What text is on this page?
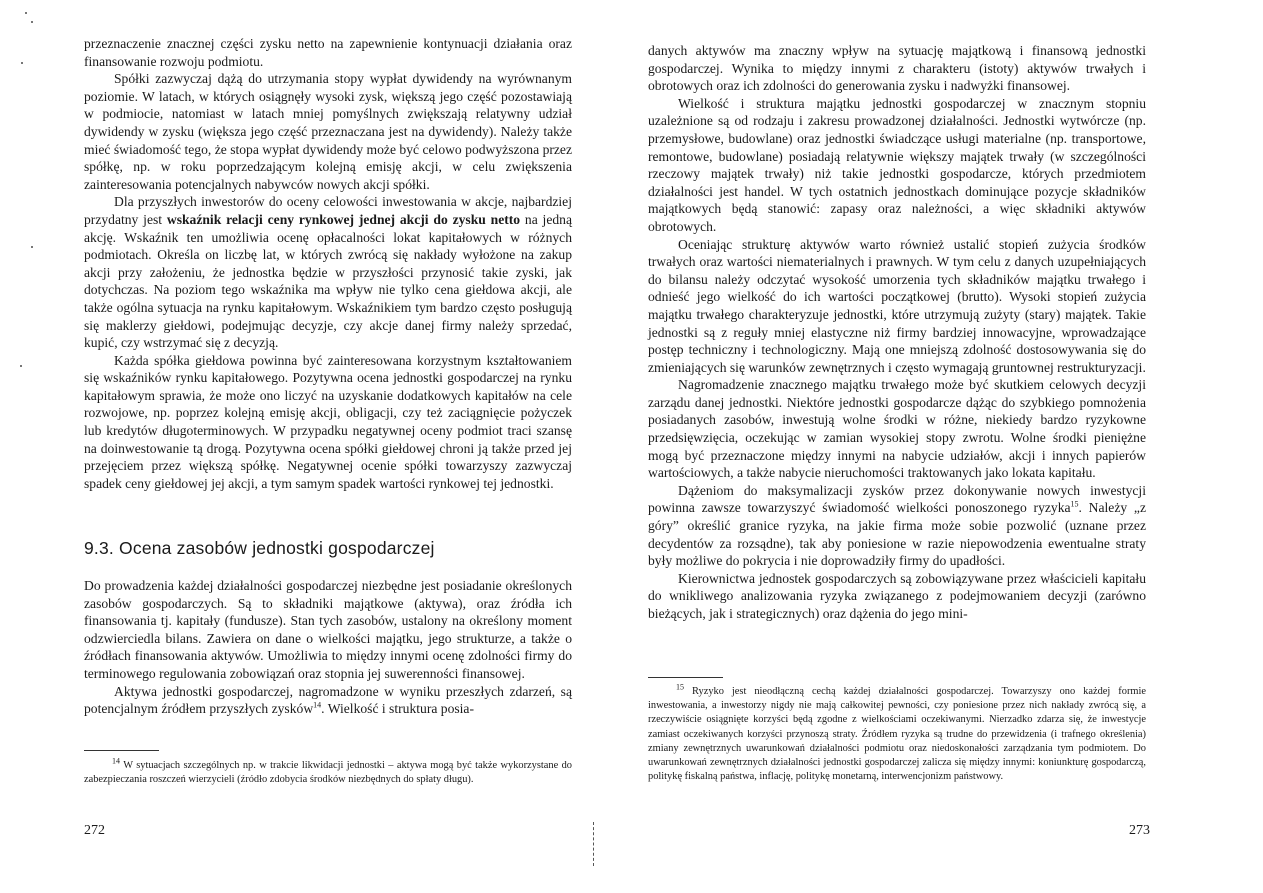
przeznaczenie znacznej części zysku netto na zapewnienie kontynuacji działania oraz finansowanie rozwoju podmiotu.

Spółki zazwyczaj dążą do utrzymania stopy wypłat dywidendy na wyrównanym poziomie. W latach, w których osiągnęły wysoki zysk, większą jego część pozostawiają w podmiocie, natomiast w latach mniej pomyślnych zwiększają relatywny udział dywidendy w zysku (większa jego część przeznaczana jest na dywidendy). Należy także mieć świadomość tego, że stopa wypłat dywidendy może być celowo podwyższona przez spółkę, np. w roku poprzedzającym kolejną emisję akcji, w celu zwiększenia zainteresowania potencjalnych nabywców nowych akcji spółki.

Dla przyszłych inwestorów do oceny celowości inwestowania w akcje, najbardziej przydatny jest wskaźnik relacji ceny rynkowej jednej akcji do zysku netto na jedną akcję. Wskaźnik ten umożliwia ocenę opłacalności lokat kapitałowych w różnych podmiotach. Określa on liczbę lat, w których zwrócą się nakłady wyłożone na zakup akcji przy założeniu, że jednostka będzie w przyszłości przynosić takie zyski, jak dotychczas. Na poziom tego wskaźnika ma wpływ nie tylko cena giełdowa akcji, ale także ogólna sytuacja na rynku kapitałowym. Wskaźnikiem tym bardzo często posługują się maklerzy giełdowi, podejmując decyzje, czy akcje danej firmy należy sprzedać, kupić, czy wstrzymać się z decyzją.

Każda spółka giełdowa powinna być zainteresowana korzystnym kształtowaniem się wskaźników rynku kapitałowego. Pozytywna ocena jednostki gospodarczej na rynku kapitałowym sprawia, że może ono liczyć na uzyskanie dodatkowych kapitałów na cele rozwojowe, np. poprzez kolejną emisję akcji, obligacji, czy też zaciągnięcie pożyczek lub kredytów długoterminowych. W przypadku negatywnej oceny podmiot traci szansę na doinwestowanie tą drogą. Pozytywna ocena spółki giełdowej chroni ją także przed jej przejęciem przez większą spółkę. Negatywnej ocenie spółki towarzyszy zazwyczaj spadek ceny giełdowej jej akcji, a tym samym spadek wartości rynkowej tej jednostki.

9.3. Ocena zasobów jednostki gospodarczej

Do prowadzenia każdej działalności gospodarczej niezbędne jest posiadanie określonych zasobów gospodarczych. Są to składniki majątkowe (aktywa), oraz źródła ich finansowania tj. kapitały (fundusze). Stan tych zasobów, ustalony na określony moment odzwierciedla bilans. Zawiera on dane o wielkości majątku, jego strukturze, a także o źródłach finansowania aktywów. Umożliwia to między innymi ocenę zdolności firmy do terminowego regulowania zobowiązań oraz stopnia jej suwerenności finansowej.

Aktywa jednostki gospodarczej, nagromadzone w wyniku przeszłych zdarzeń, są potencjalnym źródłem przyszłych zysków$^{14}$. Wielkość i struktura posia-

$^{14}$ W sytuacjach szczególnych np. w trakcie likwidacji jednostki – aktywa mogą być także wykorzystane do zabezpieczania roszczeń wierzycieli (źródło zdobycia środków niezbędnych do spłaty długu).

272

danych aktywów ma znaczny wpływ na sytuację majątkową i finansową jednostki gospodarczej. Wynika to między innymi z charakteru (istoty) aktywów trwałych i obrotowych oraz ich zdolności do generowania zysku i nadwyżki finansowej.

Wielkość i struktura majątku jednostki gospodarczej w znacznym stopniu uzależnione są od rodzaju i zakresu prowadzonej działalności. Jednostki wytwórcze (np. przemysłowe, budowlane) oraz jednostki świadczące usługi materialne (np. transportowe, remontowe, budowlane) posiadają relatywnie większy majątek trwały (w szczególności rzeczowy majątek trwały) niż takie jednostki gospodarcze, których przedmiotem działalności jest handel. W tych ostatnich jednostkach dominujące pozycje składników majątkowych będą stanowić: zapasy oraz należności, a więc składniki aktywów obrotowych.

Oceniając strukturę aktywów warto również ustalić stopień zużycia środków trwałych oraz wartości niematerialnych i prawnych. W tym celu z danych uzupełniających do bilansu należy odczytać wysokość umorzenia tych składników majątku trwałego i odnieść jego wielkość do ich wartości początkowej (brutto). Wysoki stopień zużycia majątku trwałego charakteryzuje jednostki, które utrzymują zużyty (stary) majątek. Takie jednostki są z reguły mniej elastyczne niż firmy bardziej innowacyjne, wprowadzające postęp techniczny i technologiczny. Mają one mniejszą zdolność dostosowywania się do zmieniających się warunków zewnętrznych i często wymagają gruntownej restrukturyzacji.

Nagromadzenie znacznego majątku trwałego może być skutkiem celowych decyzji zarządu danej jednostki. Niektóre jednostki gospodarcze dążąc do szybkiego pomnożenia posiadanych zasobów, inwestują wolne środki w różne, niekiedy bardzo ryzykowne przedsięwzięcia, oczekując w zamian wysokiej stopy zwrotu. Wolne środki pieniężne mogą być przeznaczone między innymi na nabycie udziałów, akcji i innych papierów wartościowych, a także nabycie nieruchomości traktowanych jako lokata kapitału.

Dążeniom do maksymalizacji zysków przez dokonywanie nowych inwestycji powinna zawsze towarzyszyć świadomość wielkości ponoszonego ryzyka$^{15}$. Należy „z góry” określić granice ryzyka, na jakie firma może sobie pozwolić (uznane przez decydentów za rozsądne), tak aby poniesione w razie niepowodzenia ewentualne straty były możliwe do pokrycia i nie doprowadziły firmy do upadłości.

Kierownictwa jednostek gospodarczych są zobowiązywane przez właścicieli kapitału do wnikliwego analizowania ryzyka związanego z podejmowaniem decyzji (zarówno bieżących, jak i strategicznych) oraz dążenia do jego mini-

$^{15}$ Ryzyko jest nieodłączną cechą każdej działalności gospodarczej. Towarzyszy ono każdej formie inwestowania, a inwestorzy nigdy nie mają całkowitej pewności, czy poniesione przez nich nakłady zwrócą się, a rzeczywiście osiągnięte korzyści będą zgodne z wielkościami oczekiwanymi. Nierzadko zdarza się, że inwestycje zamiast oczekiwanych korzyści przynoszą straty. Źródłem ryzyka są trudne do przewidzenia (i trafnego określenia) zmiany zewnętrznych uwarunkowań działalności podmiotu oraz niedoskonałości zarządzania tym podmiotem. Do uwarunkowań zewnętrznych działalności jednostki gospodarczej zalicza się między innymi: koniunkturę gospodarczą, politykę fiskalną państwa, inflację, politykę monetarną, interwencjonizm państwowy.

273
